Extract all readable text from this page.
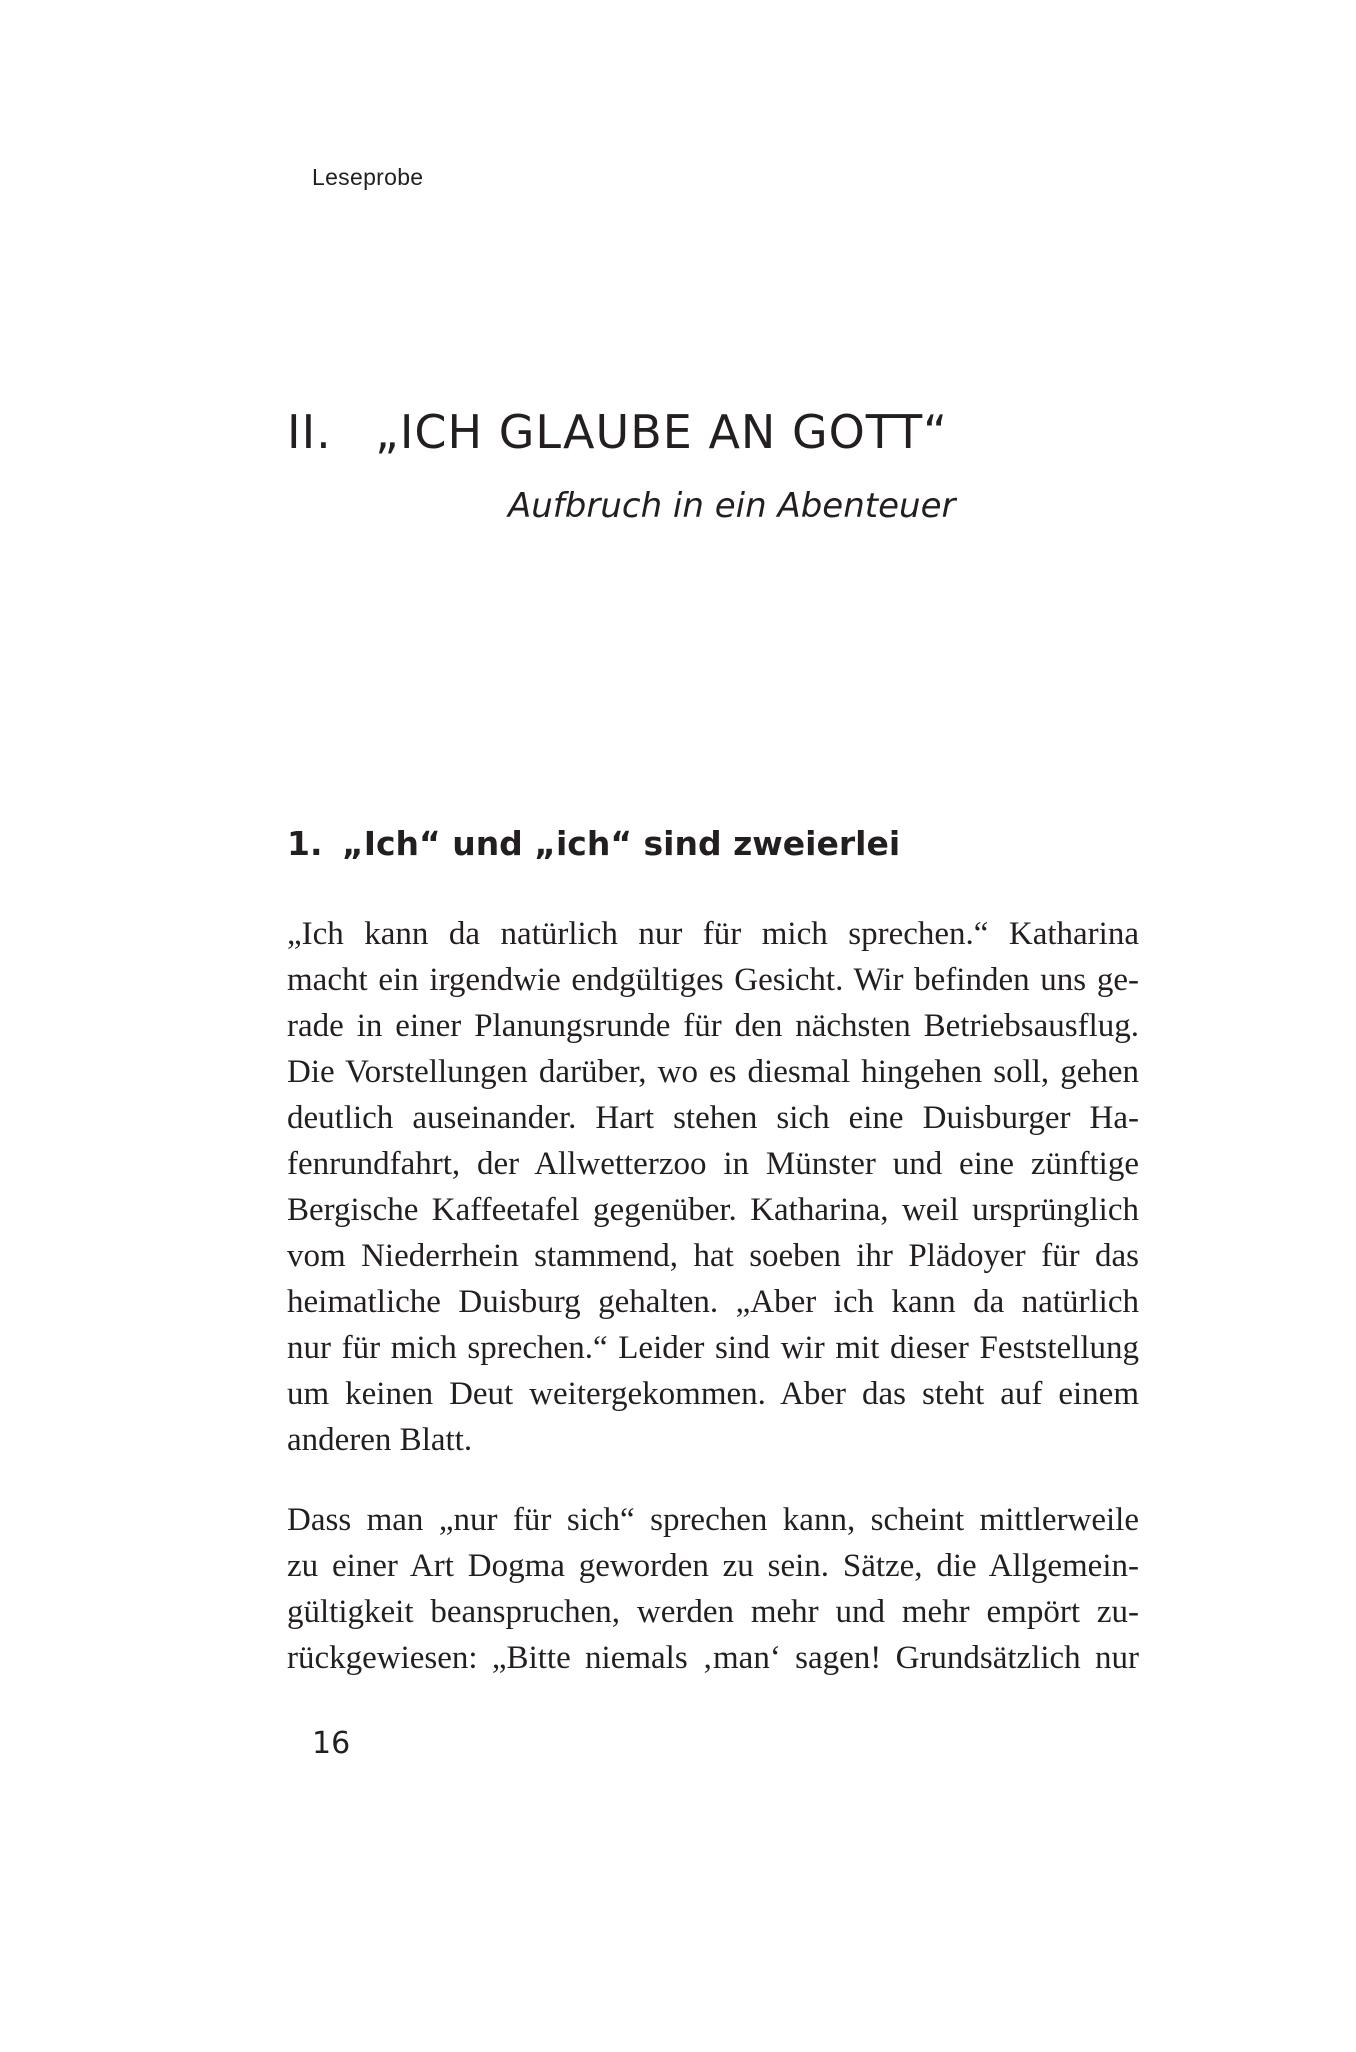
Leseprobe
II. „ICH GLAUBE AN GOTT“
Aufbruch in ein Abenteuer
1. „Ich“ und „ich“ sind zweierlei

„Ich kann da natürlich nur für mich sprechen.“ Katharina
macht ein irgendwie endgültiges Gesicht. Wir befinden uns ge-
rade in einer Planungsrunde für den nächsten Betriebsausflug.
Die Vorstellungen darüber, wo es diesmal hingehen soll, gehen
deutlich auseinander. Hart stehen sich eine Duisburger Ha-
fenrundfahrt, der Allwetterzoo in Münster und eine zünftige
Bergische Kaffeetafel gegenüber. Katharina, weil ursprünglich
vom Niederrhein stammend, hat soeben ihr Plädoyer für das
heimatliche Duisburg gehalten. „Aber ich kann da natürlich
nur für mich sprechen.“ Leider sind wir mit dieser Feststellung
um keinen Deut weitergekommen. Aber das steht auf einem
anderen Blatt.

Dass man „nur für sich“ sprechen kann, scheint mittlerweile
zu einer Art Dogma geworden zu sein. Sätze, die Allgemein-
gültigkeit beanspruchen, werden mehr und mehr empört zu-
rückgewiesen: „Bitte niemals ‚man‘ sagen! Grundsätzlich nur

16
